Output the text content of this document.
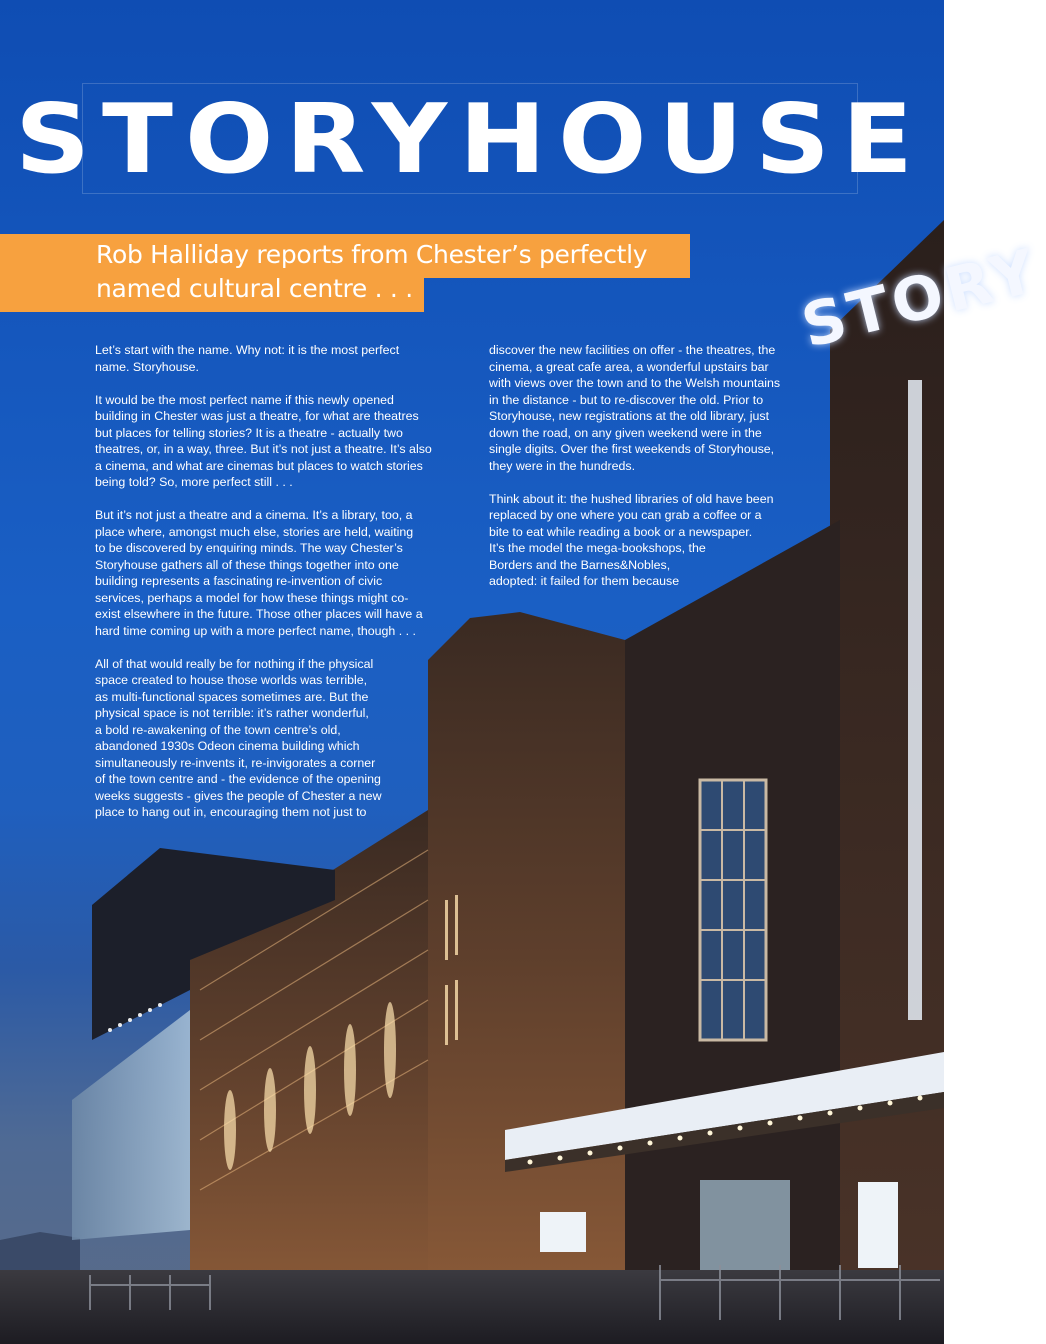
STORY
STORYHOUSE
Rob Halliday reports from Chester’s perfectly
named cultural centre . . .

Let’s start with the name. Why not: it is the most perfect
name. Storyhouse.

It would be the most perfect name if this newly opened
building in Chester was just a theatre, for what are theatres
but places for telling stories? It is a theatre - actually two
theatres, or, in a way, three. But it’s not just a theatre. It’s also
a cinema, and what are cinemas but places to watch stories
being told? So, more perfect still . . .

But it’s not just a theatre and a cinema. It’s a library, too, a
place where, amongst much else, stories are held, waiting
to be discovered by enquiring minds. The way Chester’s
Storyhouse gathers all of these things together into one
building represents a fascinating re-invention of civic
services, perhaps a model for how these things might co-
exist elsewhere in the future. Those other places will have a
hard time coming up with a more perfect name, though . . .

All of that would really be for nothing if the physical
space created to house those worlds was terrible,
as multi-functional spaces sometimes are. But the
physical space is not terrible: it’s rather wonderful,
a bold re-awakening of the town centre’s old,
abandoned 1930s Odeon cinema building which
simultaneously re-invents it, re-invigorates a corner
of the town centre and - the evidence of the opening
weeks suggests - gives the people of Chester a new
place to hang out in, encouraging them not just to

discover the new facilities on offer - the theatres, the
cinema, a great cafe area, a wonderful upstairs bar
with views over the town and to the Welsh mountains
in the distance - but to re-discover the old. Prior to
Storyhouse, new registrations at the old library, just
down the road, on any given weekend were in the
single digits. Over the first weekends of Storyhouse,
they were in the hundreds.

Think about it: the hushed libraries of old have been
replaced by one where you can grab a coffee or a
bite to eat while reading a book or a newspaper.
It’s the model the mega-bookshops, the
Borders and the Barnes&Nobles,
adopted: it failed for them because
